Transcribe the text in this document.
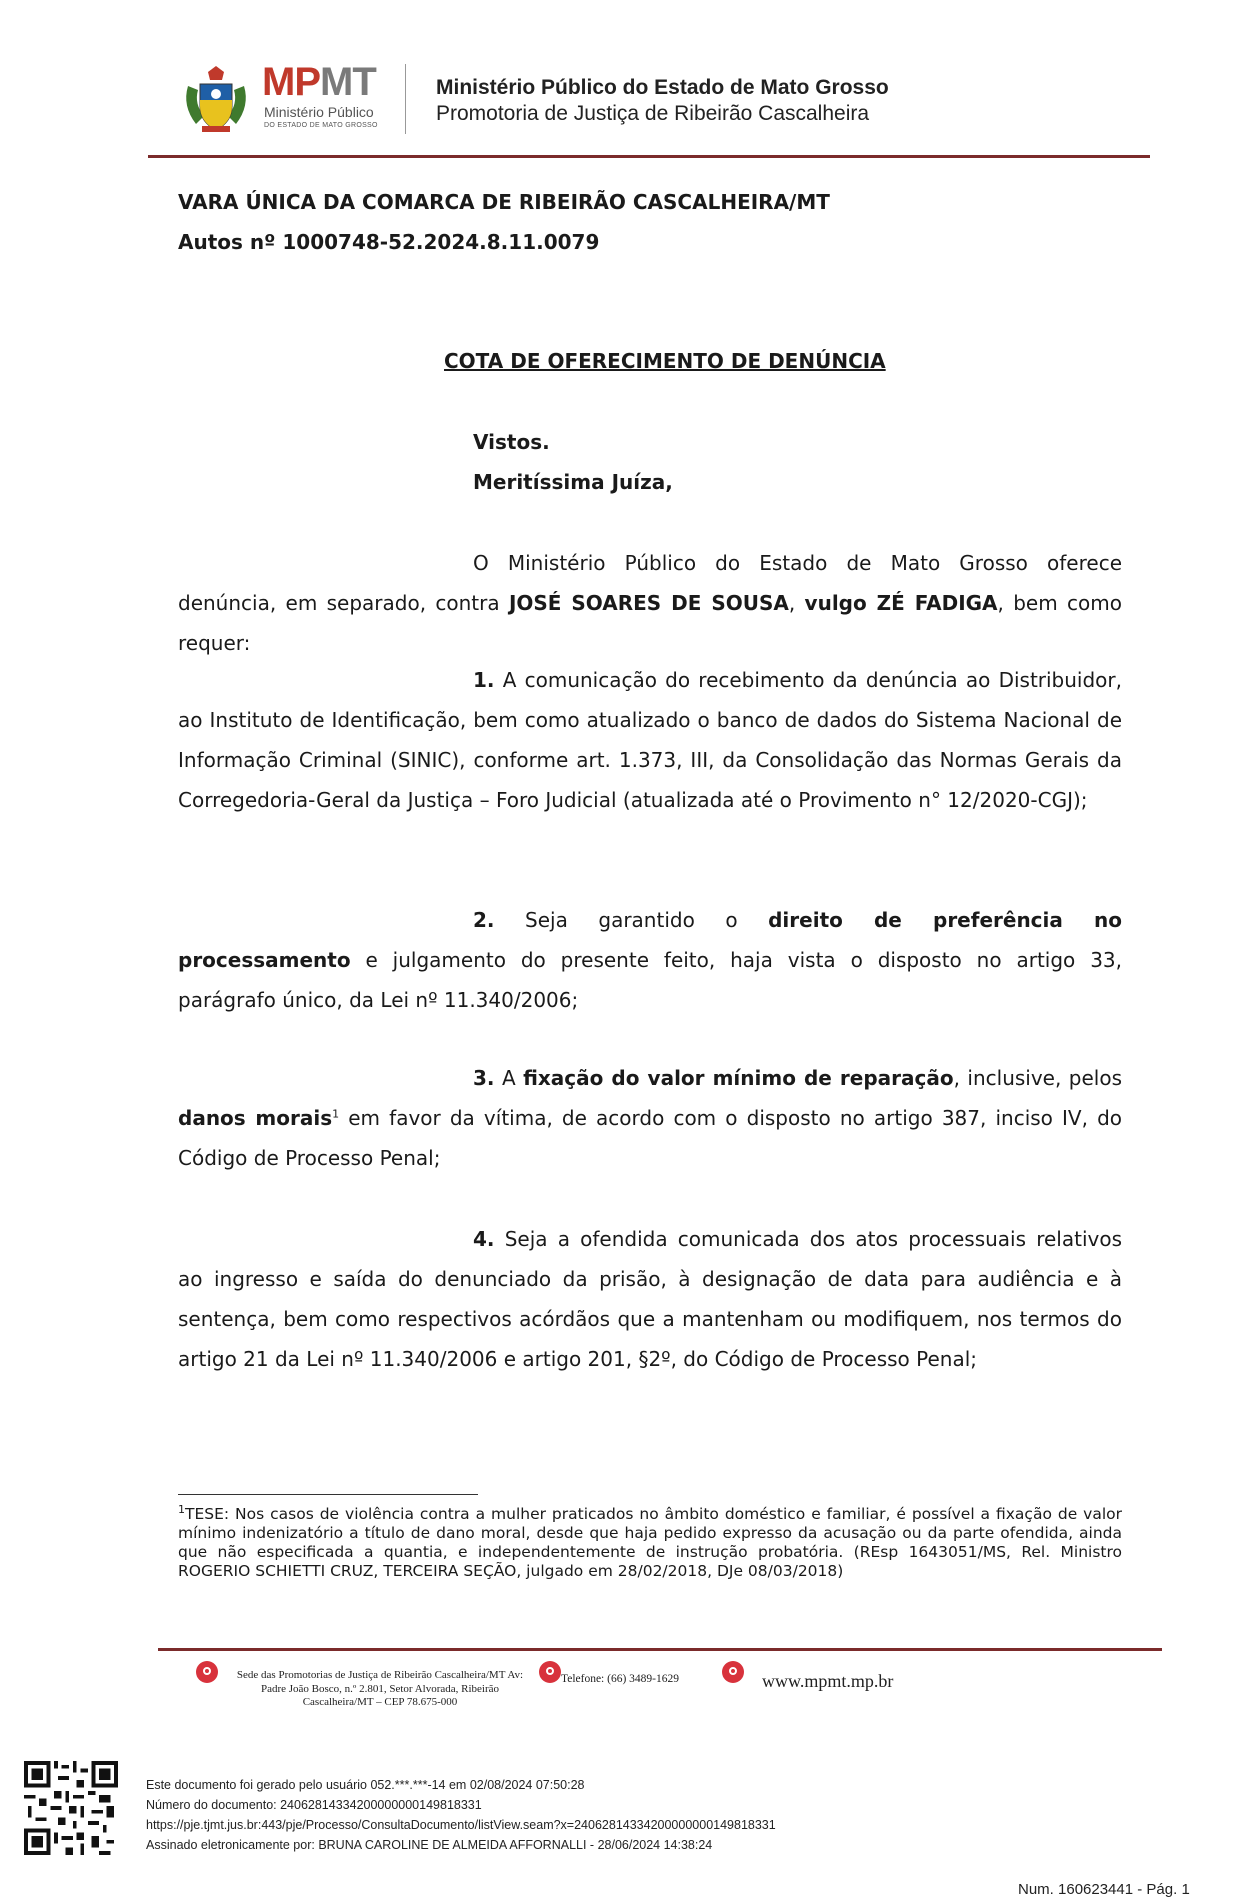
MPMT
Ministério Público
DO ESTADO DE MATO GROSSO
Ministério Público do Estado de Mato Grosso
Promotoria de Justiça de Ribeirão Cascalheira
VARA ÚNICA DA COMARCA DE RIBEIRÃO CASCALHEIRA/MT
Autos nº 1000748-52.2024.8.11.0079
COTA DE OFERECIMENTO DE DENÚNCIA
Vistos.
Meritíssima Juíza,
O Ministério Público do Estado de Mato Grosso oferece denúncia, em separado, contra JOSÉ SOARES DE SOUSA, vulgo ZÉ FADIGA, bem como requer:
1. A comunicação do recebimento da denúncia ao Distribuidor, ao Instituto de Identificação, bem como atualizado o banco de dados do Sistema Nacional de Informação Criminal (SINIC), conforme art. 1.373, III, da Consolidação das Normas Gerais da Corregedoria-Geral da Justiça – Foro Judicial (atualizada até o Provimento n° 12/2020-CGJ);
2. Seja garantido o direito de preferência no processamento e julgamento do presente feito, haja vista o disposto no artigo 33, parágrafo único, da Lei nº 11.340/2006;
3. A fixação do valor mínimo de reparação, inclusive, pelos danos morais$^1$ em favor da vítima, de acordo com o disposto no artigo 387, inciso IV, do Código de Processo Penal;
4. Seja a ofendida comunicada dos atos processuais relativos ao ingresso e saída do denunciado da prisão, à designação de data para audiência e à sentença, bem como respectivos acórdãos que a mantenham ou modifiquem, nos termos do artigo 21 da Lei nº 11.340/2006 e artigo 201, §2º, do Código de Processo Penal;
$^1$TESE: Nos casos de violência contra a mulher praticados no âmbito doméstico e familiar, é possível a fixação de valor mínimo indenizatório a título de dano moral, desde que haja pedido expresso da acusação ou da parte ofendida, ainda que não especificada a quantia, e independentemente de instrução probatória. (REsp 1643051/MS, Rel. Ministro ROGERIO SCHIETTI CRUZ, TERCEIRA SEÇÃO, julgado em 28/02/2018, DJe 08/03/2018)
Sede das Promotorias de Justiça de Ribeirão Cascalheira/MT Av: Padre João Bosco, n.º 2.801, Setor Alvorada, Ribeirão Cascalheira/MT – CEP 78.675-000
Telefone: (66) 3489-1629	www.mpmt.mp.br
Este documento foi gerado pelo usuário 052.***.***-14 em 02/08/2024 07:50:28
Número do documento: 24062814334200000000149818331
https://pje.tjmt.jus.br:443/pje/Processo/ConsultaDocumento/listView.seam?x=24062814334200000000149818331
Assinado eletronicamente por: BRUNA CAROLINE DE ALMEIDA AFFORNALLI - 28/06/2024 14:38:24
Num. 160623441 - Pág. 1
